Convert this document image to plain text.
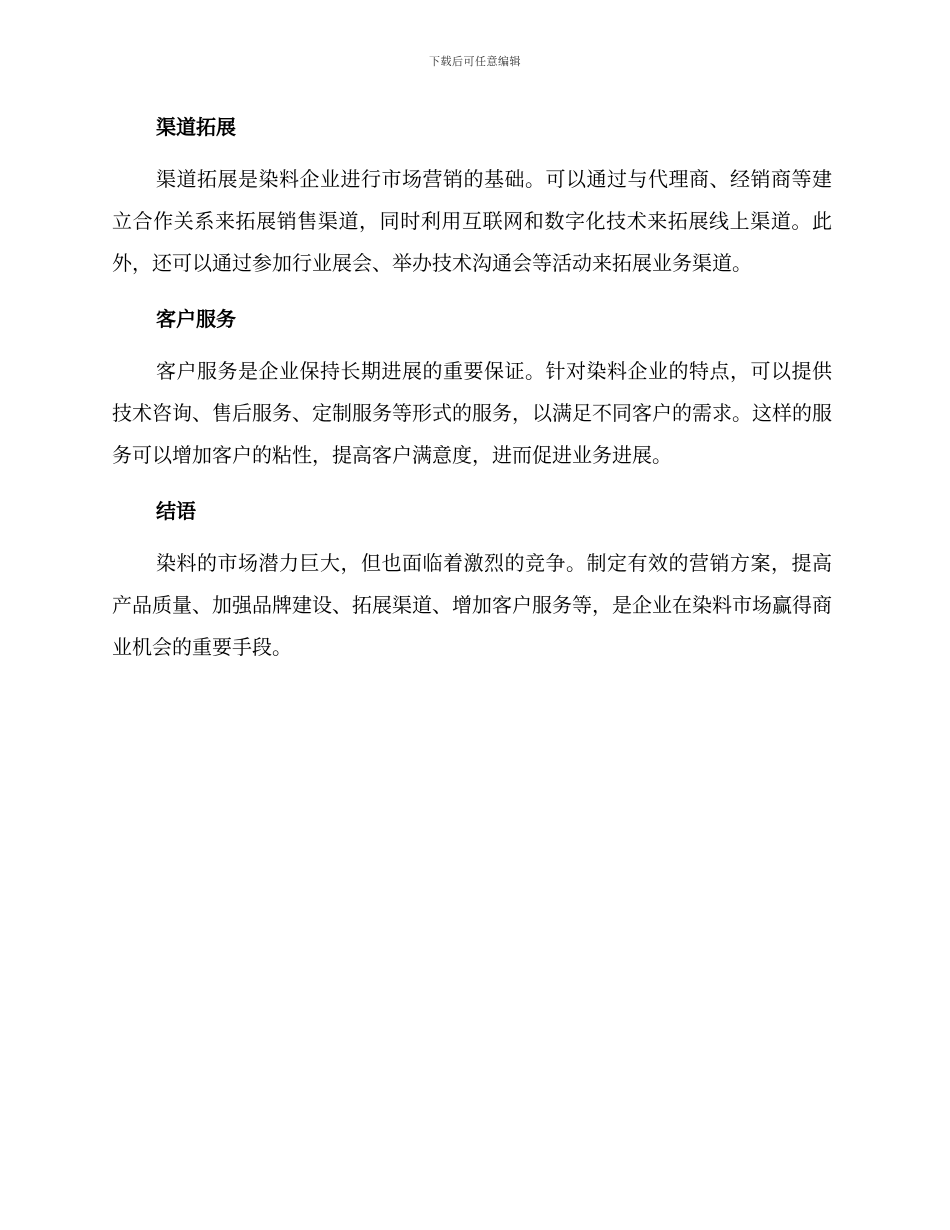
下载后可任意编辑
渠道拓展

渠道拓展是染料企业进行市场营销的基础。可以通过与代理商、经销商等建立合作关系来拓展销售渠道，同时利用互联网和数字化技术来拓展线上渠道。此外，还可以通过参加行业展会、举办技术沟通会等活动来拓展业务渠道。

客户服务

客户服务是企业保持长期进展的重要保证。针对染料企业的特点，可以提供技术咨询、售后服务、定制服务等形式的服务，以满足不同客户的需求。这样的服务可以增加客户的粘性，提高客户满意度，进而促进业务进展。

结语

染料的市场潜力巨大，但也面临着激烈的竞争。制定有效的营销方案，提高产品质量、加强品牌建设、拓展渠道、增加客户服务等，是企业在染料市场赢得商业机会的重要手段。
